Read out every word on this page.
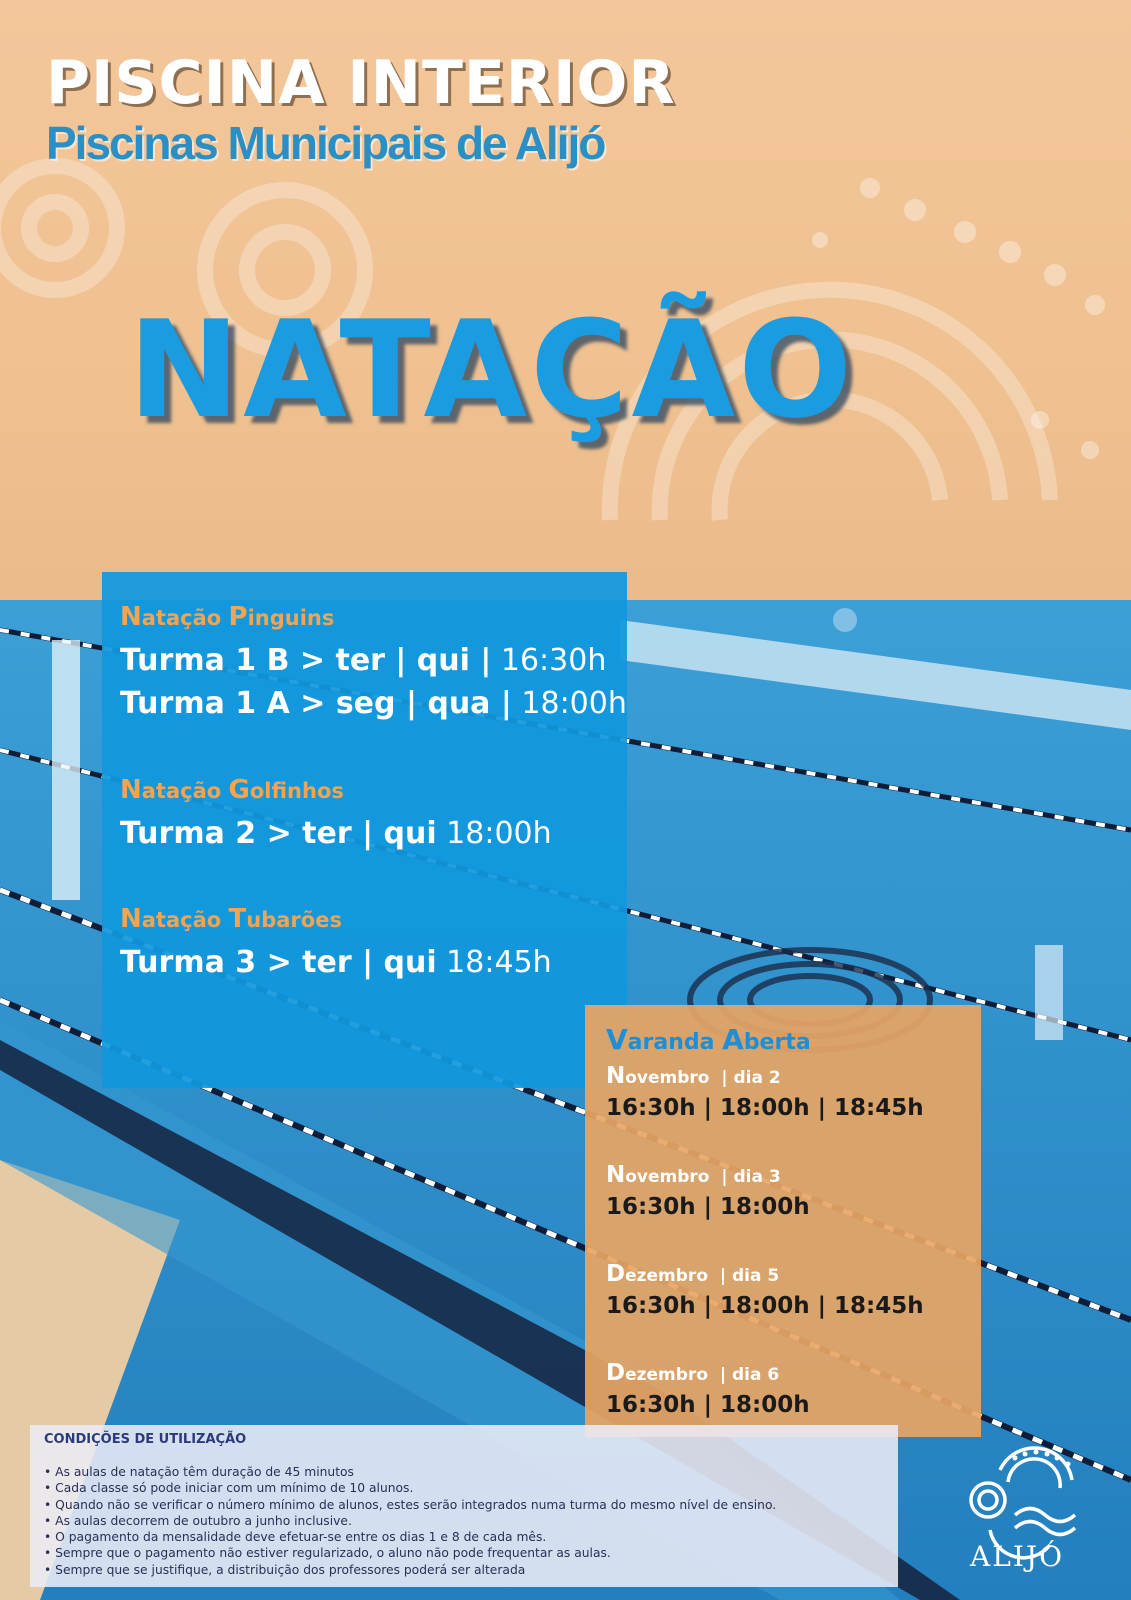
PISCINA INTERIOR
Piscinas Municipais de Alijó
NATAÇÃO
Natação Pinguins
Turma 1 B > ter | qui | 16:30h
Turma 1 A > seg | qua | 18:00h
Natação Golfinhos
Turma 2 > ter | qui 18:00h
Natação Tubarões
Turma 3 > ter | qui 18:45h
Varanda Aberta
Novembro  | dia 2
16:30h | 18:00h | 18:45h
Novembro  | dia 3
16:30h | 18:00h
Dezembro  | dia 5
16:30h | 18:00h | 18:45h
Dezembro  | dia 6
16:30h | 18:00h
CONDIÇÕES DE UTILIZAÇÃO
• As aulas de natação têm duração de 45 minutos
• Cada classe só pode iniciar com um mínimo de 10 alunos.
• Quando não se verificar o número mínimo de alunos, estes serão integrados numa turma do mesmo nível de ensino.
• As aulas decorrem de outubro a junho inclusive.
• O pagamento da mensalidade deve efetuar-se entre os dias 1 e 8 de cada mês.
• Sempre que o pagamento não estiver regularizado, o aluno não pode frequentar as aulas.
• Sempre que se justifique, a distribuição dos professores poderá ser alterada	ALIJÓ
